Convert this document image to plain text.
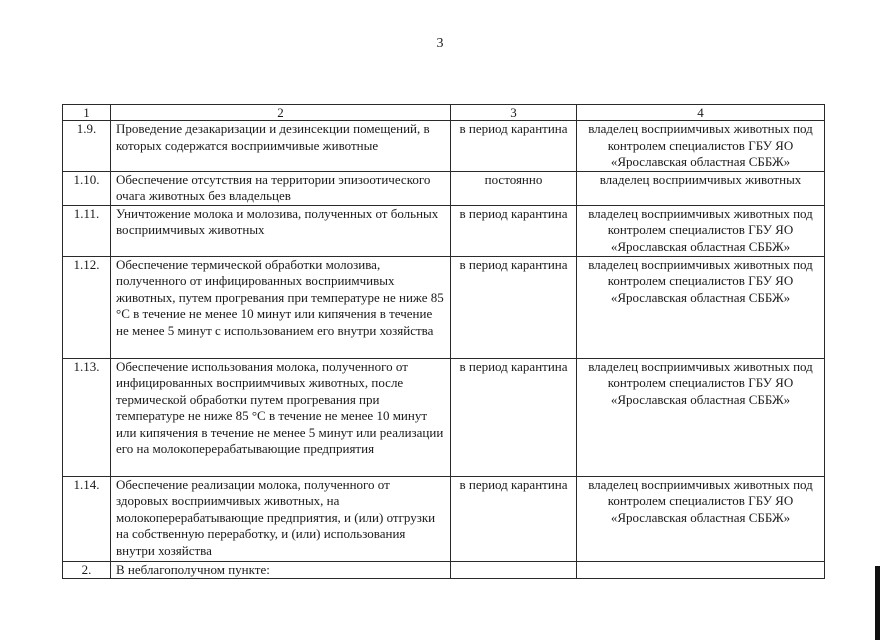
3
1	2	3	4
1.9.	Проведение дезакаризации и дезинсекции помещений, в которых содержатся восприимчивые животные	в период карантина	владелец восприимчивых животных под контролем специалистов ГБУ ЯО «Ярославская областная СББЖ»
1.10.	Обеспечение отсутствия на территории эпизоотического очага животных без владельцев	постоянно	владелец восприимчивых животных
1.11.	Уничтожение молока и молозива, полученных от больных восприимчивых животных	в период карантина	владелец восприимчивых животных под контролем специалистов ГБУ ЯО «Ярославская областная СББЖ»
1.12.	Обеспечение термической обработки молозива, полученного от инфицированных восприимчивых животных, путем прогревания при температуре не ниже 85 °С в течение не менее 10 минут или кипячения в течение не менее 5 минут с использованием его внутри хозяйства	в период карантина	владелец восприимчивых животных под контролем специалистов ГБУ ЯО «Ярославская областная СББЖ»
1.13.	Обеспечение использования молока, полученного от инфицированных восприимчивых животных, после термической обработки путем прогревания при температуре не ниже 85 °С в течение не менее 10 минут или кипячения в течение не менее 5 минут или реализации его на молокоперерабатывающие предприятия	в период карантина	владелец восприимчивых животных под контролем специалистов ГБУ ЯО «Ярославская областная СББЖ»
1.14.	Обеспечение реализации молока, полученного от здоровых восприимчивых животных, на молокоперерабатывающие предприятия, и (или) отгрузки на собственную переработку, и (или) использования внутри хозяйства	в период карантина	владелец восприимчивых животных под контролем специалистов ГБУ ЯО «Ярославская областная СББЖ»
2.	В неблагополучном пункте:		
